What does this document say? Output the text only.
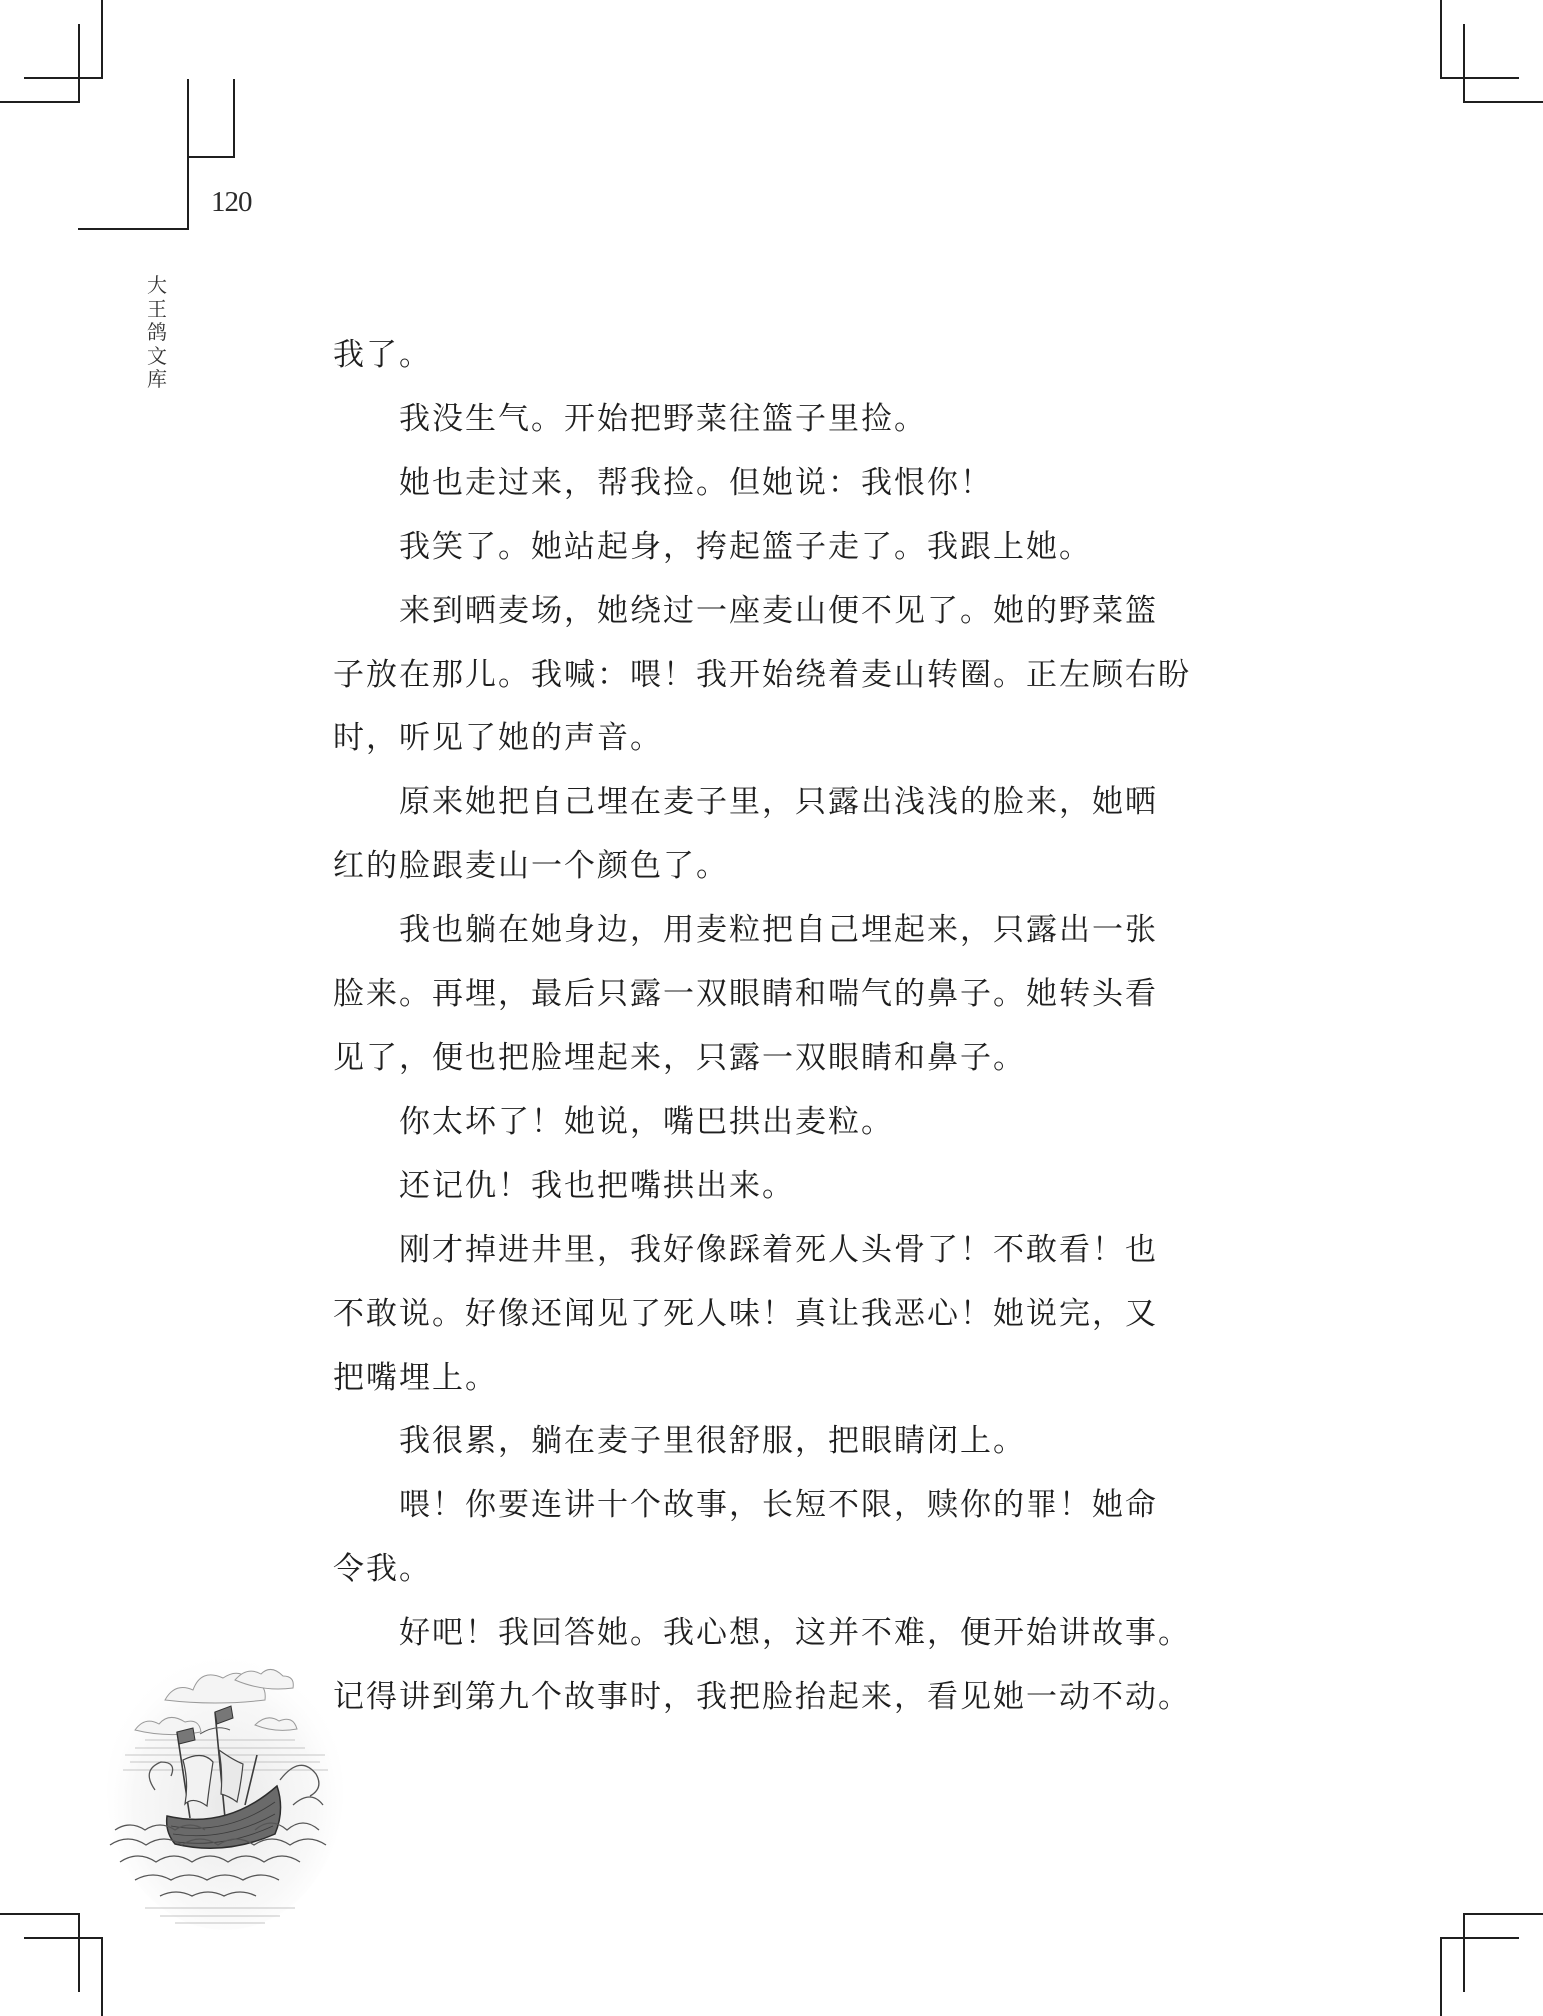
120
大
王
鸽
文
库

我了。

我没生气。开始把野菜往篮子里捡。

她也走过来，帮我捡。但她说：我恨你！

我笑了。她站起身，挎起篮子走了。我跟上她。

来到晒麦场，她绕过一座麦山便不见了。她的野菜篮

子放在那儿。我喊：喂！我开始绕着麦山转圈。正左顾右盼

时，听见了她的声音。

原来她把自己埋在麦子里，只露出浅浅的脸来，她晒

红的脸跟麦山一个颜色了。

我也躺在她身边，用麦粒把自己埋起来，只露出一张

脸来。再埋，最后只露一双眼睛和喘气的鼻子。她转头看

见了，便也把脸埋起来，只露一双眼睛和鼻子。

你太坏了！她说，嘴巴拱出麦粒。

还记仇！我也把嘴拱出来。

刚才掉进井里，我好像踩着死人头骨了！不敢看！也

不敢说。好像还闻见了死人味！真让我恶心！她说完，又

把嘴埋上。

我很累，躺在麦子里很舒服，把眼睛闭上。

喂！你要连讲十个故事，长短不限，赎你的罪！她命

令我。

好吧！我回答她。我心想，这并不难，便开始讲故事。

记得讲到第九个故事时，我把脸抬起来，看见她一动不动。
